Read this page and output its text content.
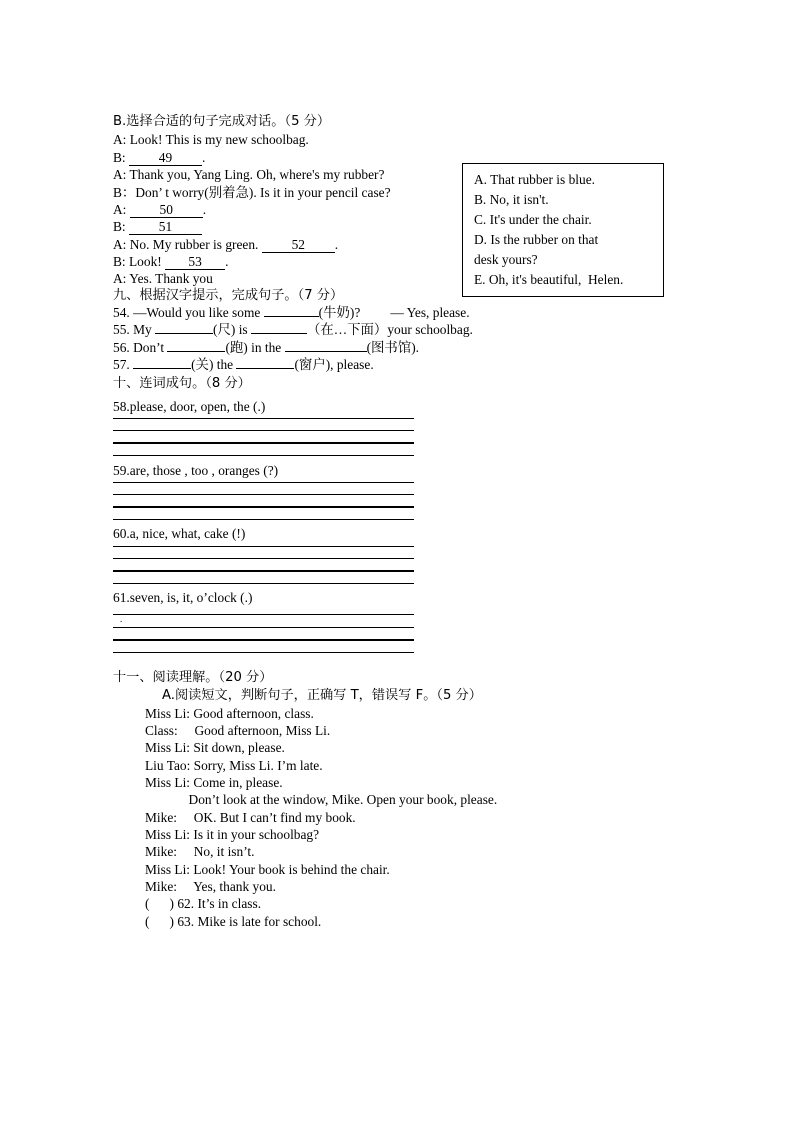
B.选择合适的句子完成对话。（5 分）
A: Look! This is my new schoolbag.
B: 49 .
A: Thank you, Yang Ling. Oh, where's my rubber?
B：Don’ t worry(别着急). Is it in your pencil case?
A: 50 .
B: 51
A: No. My rubber is green. 52 .
B: Look! 53 .
A: Yes. Thank you
A. That rubber is blue.
B. No, it isn't.
C. It's under the chair.
D. Is the rubber on that
desk yours?
E. Oh, it's beautiful,  Helen.
九、根据汉字提示，完成句子。（7 分）
54. —Would you like some	(牛奶)? — Yes, please.
55. My	(尺) is	（在…下面）your schoolbag.
56. Don’t	(跑) in the	(图书馆).
57.	(关) the	(窗户), please.
十、连词成句。（8 分）
58.please, door, open, the (.)
59.are, those , too , oranges (?)
60.a, nice, what, cake (!)
61.seven, is, it, o’clock (.)
.
十一、阅读理解。（20 分）
A.阅读短文，判断句子，正确写 T，错误写 F。（5 分）
Miss Li: Good afternoon, class.
Class:     Good afternoon, Miss Li.
Miss Li: Sit down, please.
Liu Tao: Sorry, Miss Li. I’m late.
Miss Li: Come in, please.
Don’t look at the window, Mike. Open your book, please.
Mike:     OK. But I can’t find my book.
Miss Li: Is it in your schoolbag?
Mike:     No, it isn’t.
Miss Li: Look! Your book is behind the chair.
Mike:     Yes, thank you.
(      ) 62. It’s in class.
(      ) 63. Mike is late for school.
